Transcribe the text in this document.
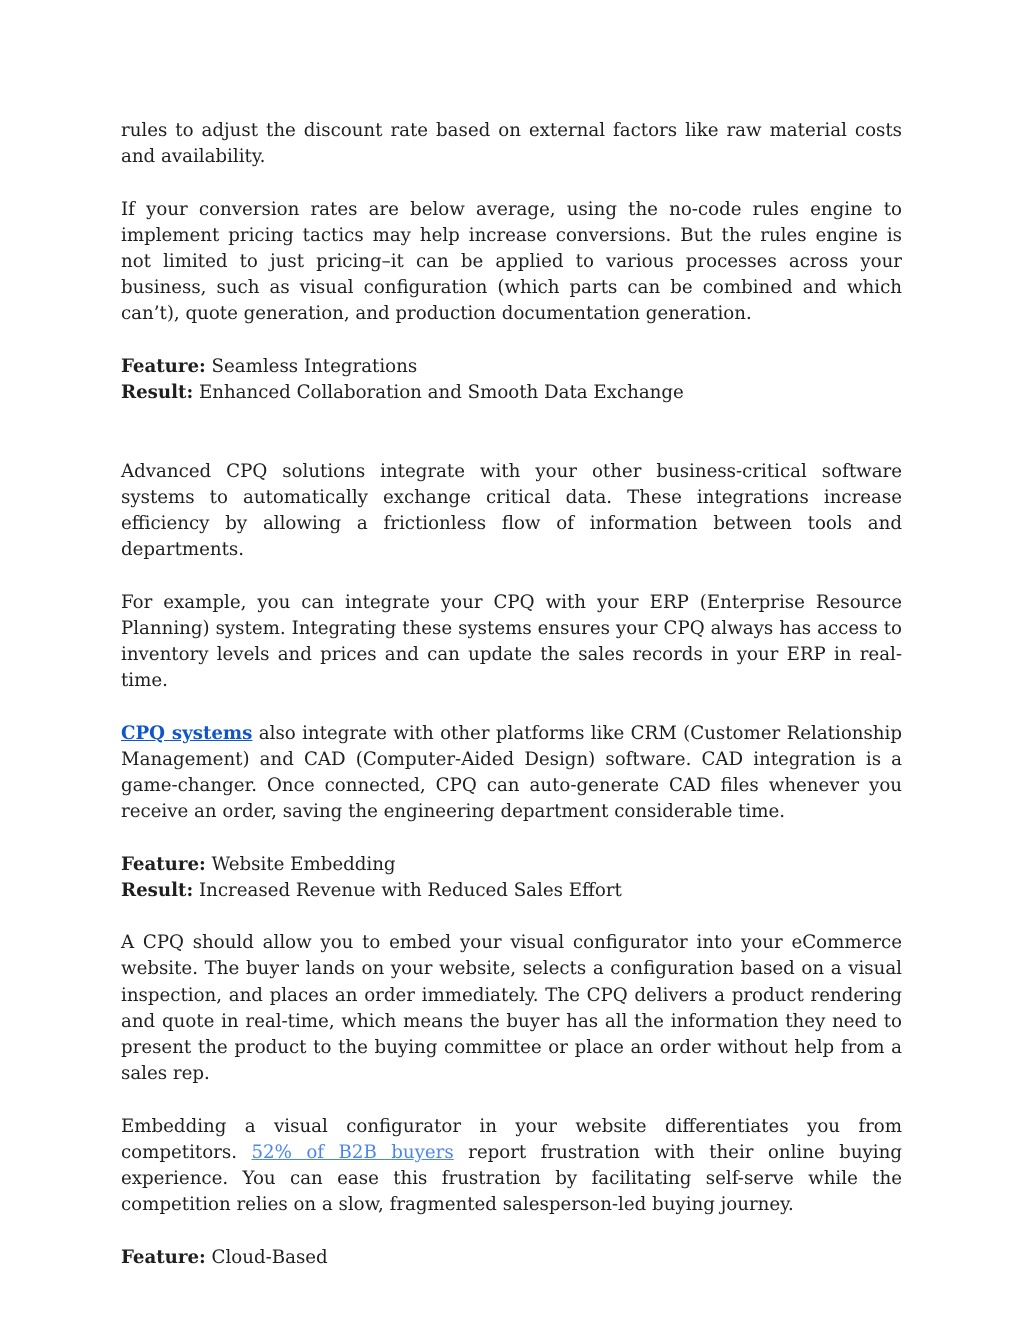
rules to adjust the discount rate based on external factors like raw material costs and availability.

If your conversion rates are below average, using the no-code rules engine to implement pricing tactics may help increase conversions. But the rules engine is not limited to just pricing–it can be applied to various processes across your business, such as visual configuration (which parts can be combined and which can’t), quote generation, and production documentation generation.

Feature: Seamless Integrations

Result: Enhanced Collaboration and Smooth Data Exchange

Advanced CPQ solutions integrate with your other business-critical software systems to automatically exchange critical data. These integrations increase efficiency by allowing a frictionless flow of information between tools and departments.

For example, you can integrate your CPQ with your ERP (Enterprise Resource Planning) system. Integrating these systems ensures your CPQ always has access to inventory levels and prices and can update the sales records in your ERP in real-time.

CPQ systems also integrate with other platforms like CRM (Customer Relationship Management) and CAD (Computer-Aided Design) software. CAD integration is a game-changer. Once connected, CPQ can auto-generate CAD files whenever you receive an order, saving the engineering department considerable time.

Feature: Website Embedding

Result: Increased Revenue with Reduced Sales Effort

A CPQ should allow you to embed your visual configurator into your eCommerce website. The buyer lands on your website, selects a configuration based on a visual inspection, and places an order immediately. The CPQ delivers a product rendering and quote in real-time, which means the buyer has all the information they need to present the product to the buying committee or place an order without help from a sales rep.

Embedding a visual configurator in your website differentiates you from competitors. 52% of B2B buyers report frustration with their online buying experience. You can ease this frustration by facilitating self-serve while the competition relies on a slow, fragmented salesperson-led buying journey.

Feature: Cloud-Based
